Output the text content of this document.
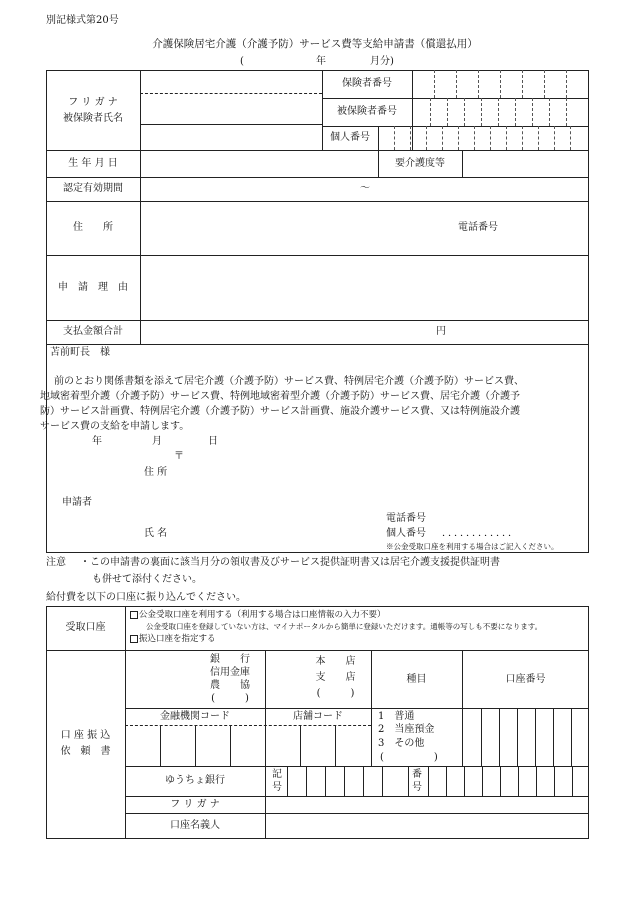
別記様式第20号
介護保険居宅介護（介護予防）サービス費等支給申請書（償還払用）
(	年	月分)
フ リ ガ ナ
被保険者氏名
保険者番号
被保険者番号
個人番号
生 年 月 日	要介護度等
認定有効期間	〜
住　　所	電話番号
申　請　理　由
支払金額合計	円
苫前町長　様
前のとおり関係書類を添えて居宅介護（介護予防）サービス費、特例居宅介護（介護予防）サービス費、
地域密着型介護（介護予防）サービス費、特例地域密着型介護（介護予防）サービス費、居宅介護（介護予
防）サービス計画費、特例居宅介護（介護予防）サービス計画費、施設介護サービス費、又は特例施設介護
サービス費の支給を申請します。
年	月	日
〒
住 所
申請者
氏 名
電話番号
個人番号 ．．．．．．．．．．．．
※公金受取口座を利用する場合はご記入ください。
注意 ・この申請書の裏面に該当月分の領収書及びサービス提供証明書又は居宅介護支援提供証明書
も併せて添付ください。
給付費を以下の口座に振り込んでください。
受取口座
公金受取口座を利用する（利用する場合は口座情報の入力不要）
公金受取口座を登録していない方は、マイナポータルから簡単に登録いただけます。通帳等の写しも不要になります。
振込口座を指定する
口 座 振 込
依　頼　書
銀　　行
信用金庫
農　　協
(　　　)
本　　店
支　　店
(　　　)
種目	口座番号
金融機関コード	店舗コード	1　普通
2　当座預金
3　その他
(　　　　　)
ゆうちょ銀行
記
号
番
号
フ リ ガ ナ
口座名義人
